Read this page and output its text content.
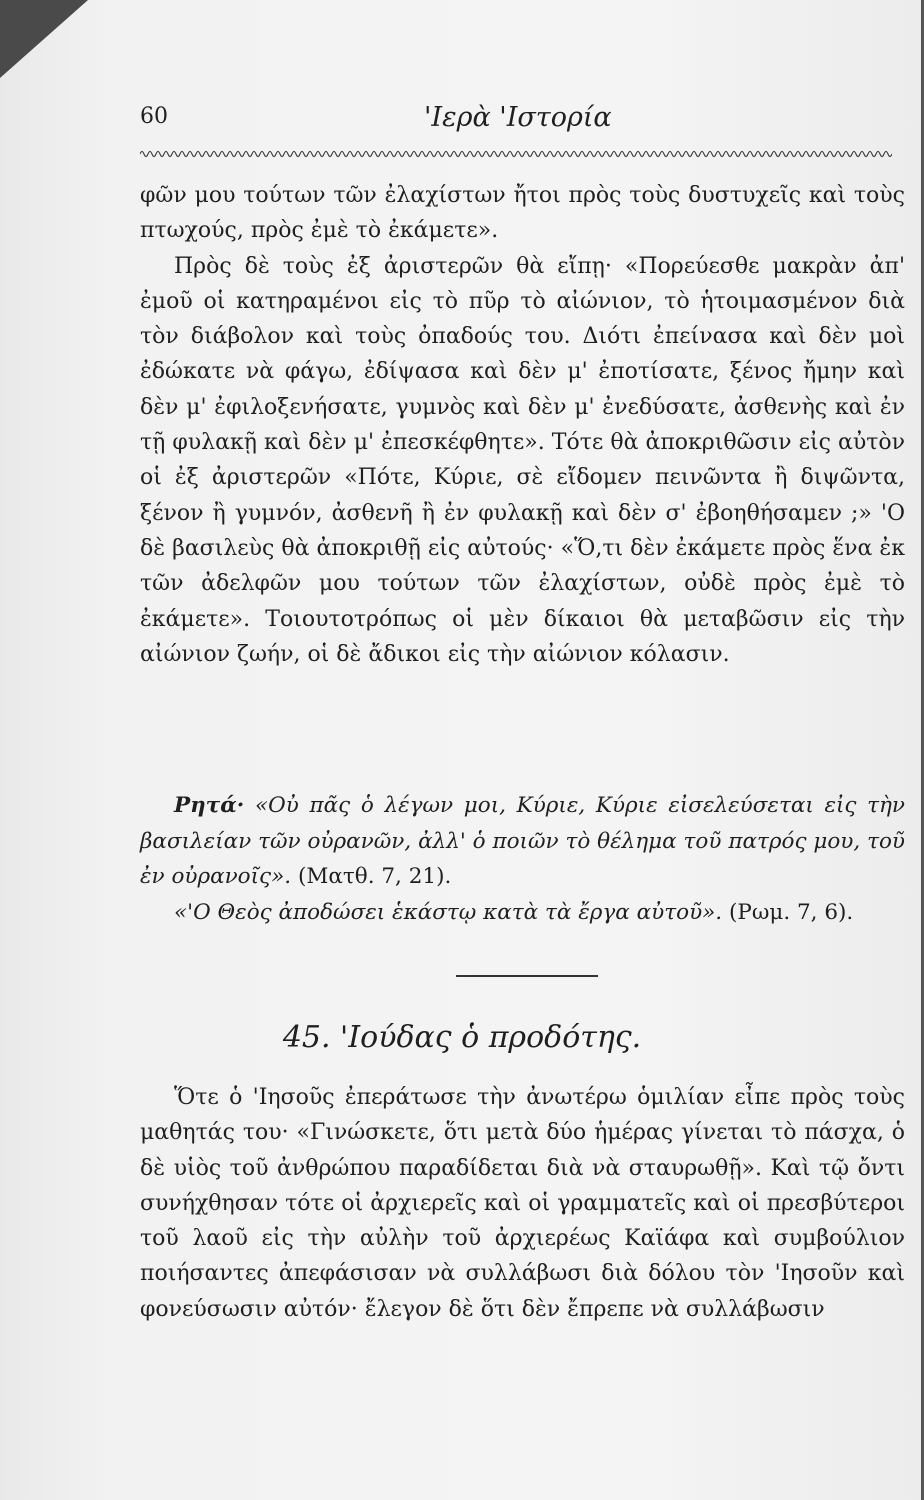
60	'Ιερὰ 'Ιστορία

φῶν μου τούτων τῶν ἐλαχίστων ἤτοι πρὸς τοὺς δυστυχεῖς καὶ τοὺς πτωχούς, πρὸς ἐμὲ τὸ ἐκάμετε».

Πρὸς δὲ τοὺς ἐξ ἀριστερῶν θὰ εἴπῃ· «Πορεύεσθε μακρὰν ἀπ' ἐμοῦ οἱ κατηραμένοι εἰς τὸ πῦρ τὸ αἰώνιον, τὸ ἡτοιμασμένον διὰ τὸν διάβολον καὶ τοὺς ὀπαδούς του. Διότι ἐπείνασα καὶ δὲν μοὶ ἐδώκατε νὰ φάγω, ἐδίψασα καὶ δὲν μ' ἐποτίσατε, ξένος ἤμην καὶ δὲν μ' ἐφιλοξενήσατε, γυμνὸς καὶ δὲν μ' ἐνεδύσατε, ἀσθενὴς καὶ ἐν τῇ φυλακῇ καὶ δὲν μ' ἐπεσκέφθητε». Τότε θὰ ἀποκριθῶσιν εἰς αὐτὸν οἱ ἐξ ἀριστερῶν «Πότε, Κύριε, σὲ εἴδομεν πεινῶντα ἢ διψῶντα, ξένον ἢ γυμνόν, ἀσθενῆ ἢ ἐν φυλακῇ καὶ δὲν σ' ἐβοηθήσαμεν ;» 'Ο δὲ βασιλεὺς θὰ ἀποκριθῇ εἰς αὐτούς· «Ὅ,τι δὲν ἐκάμετε πρὸς ἕνα ἐκ τῶν ἀδελφῶν μου τούτων τῶν ἐλαχίστων, οὐδὲ πρὸς ἐμὲ τὸ ἐκάμετε». Τοιουτοτρόπως οἱ μὲν δίκαιοι θὰ μεταβῶσιν εἰς τὴν αἰώνιον ζωήν, οἱ δὲ ἄδικοι εἰς τὴν αἰώνιον κόλασιν.

Ρητά· «Οὐ πᾶς ὁ λέγων μοι, Κύριε, Κύριε εἰσελεύσεται εἰς τὴν βασιλείαν τῶν οὐρανῶν, ἀλλ' ὁ ποιῶν τὸ θέλημα τοῦ πατρός μου, τοῦ ἐν οὐρανοῖς». (Ματθ. 7, 21).

«'Ο Θεὸς ἀποδώσει ἑκάστῳ κατὰ τὰ ἔργα αὐτοῦ». (Ρωμ. 7, 6).

45. 'Ιούδας ὁ προδότης.

Ὅτε ὁ 'Ιησοῦς ἐπεράτωσε τὴν ἀνωτέρω ὁμιλίαν εἶπε πρὸς τοὺς μαθητάς του· «Γινώσκετε, ὅτι μετὰ δύο ἡμέρας γίνεται τὸ πάσχα, ὁ δὲ υἱὸς τοῦ ἀνθρώπου παραδίδεται διὰ νὰ σταυρωθῇ». Καὶ τῷ ὄντι συνήχθησαν τότε οἱ ἀρχιερεῖς καὶ οἱ γραμματεῖς καὶ οἱ πρεσβύτεροι τοῦ λαοῦ εἰς τὴν αὐλὴν τοῦ ἀρχιερέως Καϊάφα καὶ συμβούλιον ποιήσαντες ἀπεφάσισαν νὰ συλλάβωσι διὰ δόλου τὸν 'Ιησοῦν καὶ φονεύσωσιν αὐτόν· ἔλεγον δὲ ὅτι δὲν ἔπρεπε νὰ συλλάβωσιν
